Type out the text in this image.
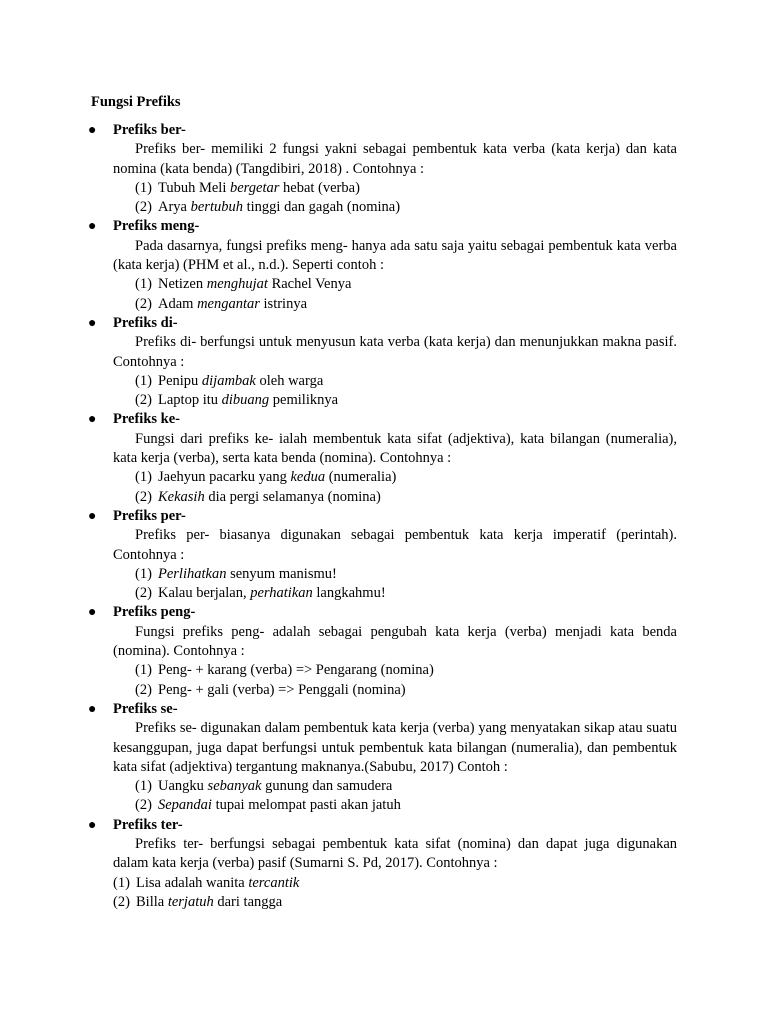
Fungsi Prefiks
● Prefiks ber-

Prefiks ber- memiliki 2 fungsi yakni sebagai pembentuk kata verba (kata kerja) dan kata nomina (kata benda) (Tangdibiri, 2018) . Contohnya :

(1) Tubuh Meli bergetar hebat (verba)
(2) Arya bertubuh tinggi dan gagah (nomina)
● Prefiks meng-

Pada dasarnya, fungsi prefiks meng- hanya ada satu saja yaitu sebagai pembentuk kata verba (kata kerja) (PHM et al., n.d.). Seperti contoh :

(1) Netizen menghujat Rachel Venya
(2) Adam mengantar istrinya
● Prefiks di-

Prefiks di- berfungsi untuk menyusun kata verba (kata kerja) dan menunjukkan makna pasif. Contohnya :

(1) Penipu dijambak oleh warga
(2) Laptop itu dibuang pemiliknya
● Prefiks ke-

Fungsi dari prefiks ke- ialah membentuk kata sifat (adjektiva), kata bilangan (numeralia), kata kerja (verba), serta kata benda (nomina). Contohnya :

(1) Jaehyun pacarku yang kedua (numeralia)
(2) Kekasih dia pergi selamanya (nomina)
● Prefiks per-

Prefiks per- biasanya digunakan sebagai pembentuk kata kerja imperatif (perintah). Contohnya :

(1) Perlihatkan senyum manismu!
(2) Kalau berjalan, perhatikan langkahmu!
● Prefiks peng-

Fungsi prefiks peng- adalah sebagai pengubah kata kerja (verba) menjadi kata benda (nomina). Contohnya :

(1) Peng- + karang (verba) => Pengarang (nomina)
(2) Peng- + gali (verba) => Penggali (nomina)
● Prefiks se-

Prefiks se- digunakan dalam pembentuk kata kerja (verba) yang menyatakan sikap atau suatu kesanggupan, juga dapat berfungsi untuk pembentuk kata bilangan (numeralia), dan pembentuk kata sifat (adjektiva) tergantung maknanya.(Sabubu, 2017) Contoh :

(1) Uangku sebanyak gunung dan samudera
(2) Sepandai tupai melompat pasti akan jatuh
● Prefiks ter-

Prefiks ter- berfungsi sebagai pembentuk kata sifat (nomina) dan dapat juga digunakan dalam kata kerja (verba) pasif (Sumarni S. Pd, 2017). Contohnya :

(1) Lisa adalah wanita tercantik
(2) Billa terjatuh dari tangga
